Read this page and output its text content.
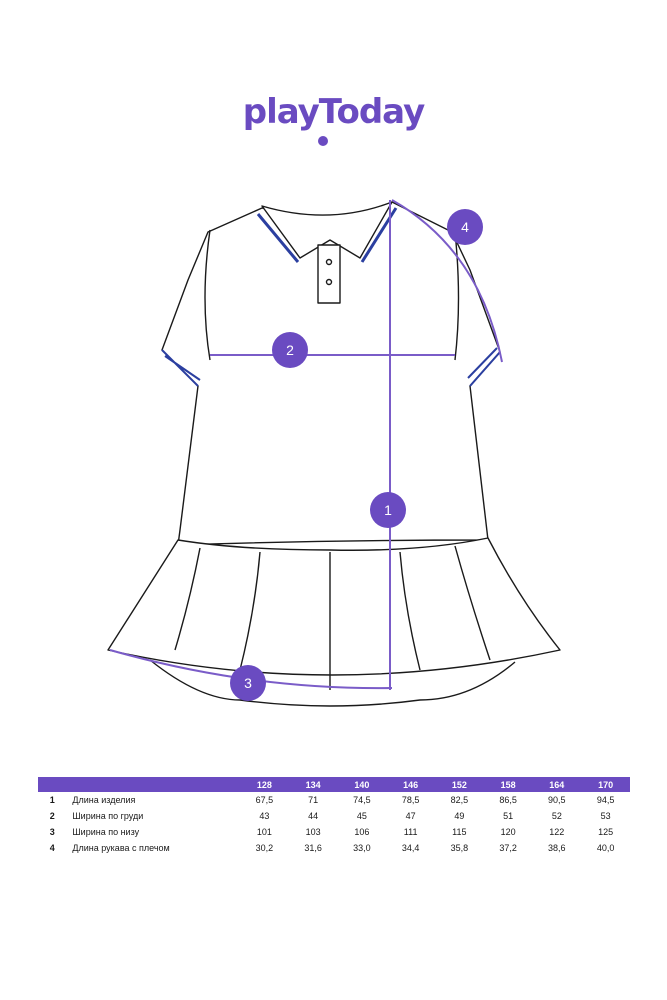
playToday
1
2
3
4
		128	134	140	146	152	158	164	170
1	Длина изделия	67,5	71	74,5	78,5	82,5	86,5	90,5	94,5
2	Ширина по груди	43	44	45	47	49	51	52	53
3	Ширина по низу	101	103	106	111	115	120	122	125
4	Длина рукава с плечом	30,2	31,6	33,0	34,4	35,8	37,2	38,6	40,0
